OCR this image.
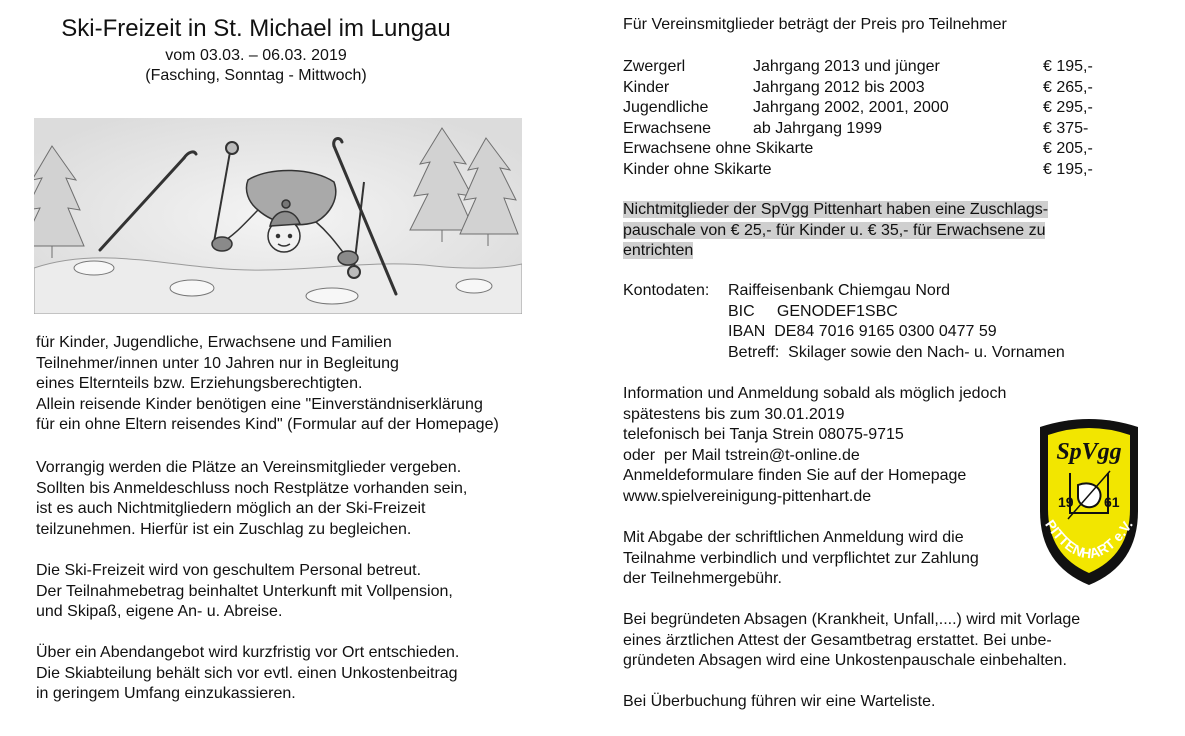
Ski-Freizeit in St. Michael im Lungau
vom 03.03. – 06.03. 2019
(Fasching, Sonntag - Mittwoch)
für Kinder, Jugendliche, Erwachsene und Familien
Teilnehmer/innen unter 10 Jahren nur in Begleitung
eines Elternteils bzw. Erziehungsberechtigten.
Allein reisende Kinder benötigen eine "Einverständniserklärung
für ein ohne Eltern reisendes Kind" (Formular auf der Homepage)
Vorrangig werden die Plätze an Vereinsmitglieder vergeben.
Sollten bis Anmeldeschluss noch Restplätze vorhanden sein,
ist es auch Nichtmitgliedern möglich an der Ski-Freizeit
teilzunehmen. Hierfür ist ein Zuschlag zu begleichen.
Die Ski-Freizeit wird von geschultem Personal betreut.
Der Teilnahmebetrag beinhaltet Unterkunft mit Vollpension,
und Skipaß, eigene An- u. Abreise.
Über ein Abendangebot wird kurzfristig vor Ort entschieden.
Die Skiabteilung behält sich vor evtl. einen Unkostenbeitrag
in geringem Umfang einzukassieren.
Für Vereinsmitglieder beträgt der Preis pro Teilnehmer
Zwergerl	Jahrgang 2013 und jünger	€ 195,-
Kinder	Jahrgang 2012 bis 2003	€ 265,-
Jugendliche	Jahrgang 2002, 2001, 2000	€ 295,-
Erwachsene	ab Jahrgang 1999	€ 375-
Erwachsene ohne Skikarte		€ 205,-
Kinder ohne Skikarte		€ 195,-
Nichtmitglieder der SpVgg Pittenhart haben eine Zuschlags-
pauschale von € 25,- für Kinder u. € 35,- für Erwachsene zu
entrichten
Kontodaten:	Raiffeisenbank Chiemgau Nord
BIC     GENODEF1SBC
IBAN  DE84 7016 9165 0300 0477 59
Betreff:  Skilager sowie den Nach- u. Vornamen
Information und Anmeldung sobald als möglich jedoch
spätestens bis zum 30.01.2019
telefonisch bei Tanja Strein 08075-9715
oder  per Mail tstrein@t-online.de
Anmeldeformulare finden Sie auf der Homepage
www.spielvereinigung-pittenhart.de
Mit Abgabe der schriftlichen Anmeldung wird die
Teilnahme verbindlich und verpflichtet zur Zahlung
der Teilnehmergebühr.
Bei begründeten Absagen (Krankheit, Unfall,....) wird mit Vorlage
eines ärztlichen Attest der Gesamtbetrag erstattet. Bei unbe-
gründeten Absagen wird eine Unkostenpauschale einbehalten.
Bei Überbuchung führen wir eine Warteliste.
SpVgg
19 61
PITTENHART e.V.
